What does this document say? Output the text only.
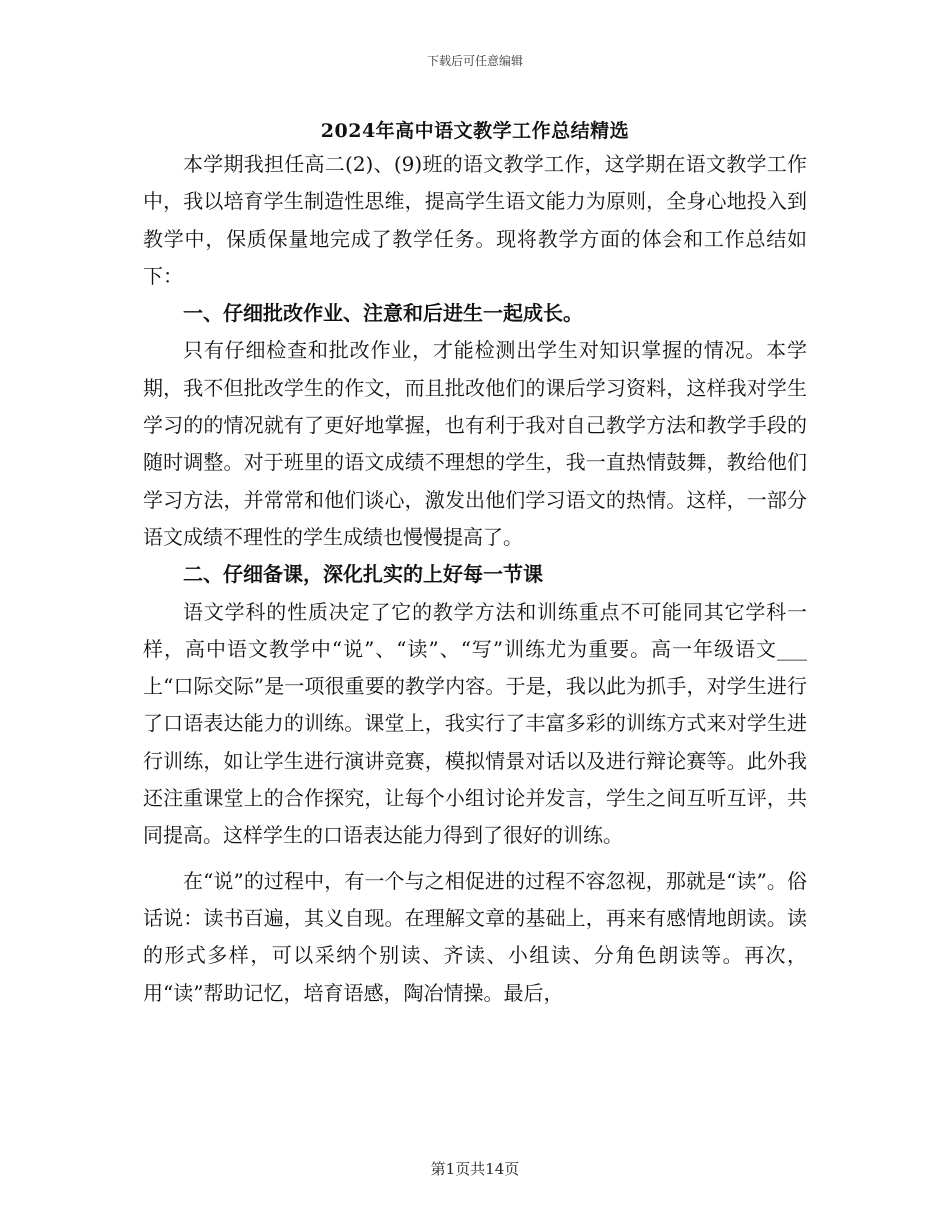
下载后可任意编辑
2024年高中语文教学工作总结精选

本学期我担任高二(2)、(9)班的语文教学工作，这学期在语文教学工作中，我以培育学生制造性思维，提高学生语文能力为原则，全身心地投入到教学中，保质保量地完成了教学任务。现将教学方面的体会和工作总结如下：

一、仔细批改作业、注意和后进生一起成长。

只有仔细检查和批改作业，才能检测出学生对知识掌握的情况。本学期，我不但批改学生的作文，而且批改他们的课后学习资料，这样我对学生学习的的情况就有了更好地掌握，也有利于我对自己教学方法和教学手段的随时调整。对于班里的语文成绩不理想的学生，我一直热情鼓舞，教给他们学习方法，并常常和他们谈心，激发出他们学习语文的热情。这样，一部分语文成绩不理性的学生成绩也慢慢提高了。

二、仔细备课，深化扎实的上好每一节课

语文学科的性质决定了它的教学方法和训练重点不可能同其它学科一样，高中语文教学中“说”、“读”、“写”训练尤为重要。高一年级语文___上“口际交际”是一项很重要的教学内容。于是，我以此为抓手，对学生进行了口语表达能力的训练。课堂上，我实行了丰富多彩的训练方式来对学生进行训练，如让学生进行演讲竞赛，模拟情景对话以及进行辩论赛等。此外我还注重课堂上的合作探究，让每个小组讨论并发言，学生之间互听互评，共同提高。这样学生的口语表达能力得到了很好的训练。

在“说”的过程中，有一个与之相促进的过程不容忽视，那就是“读”。俗话说：读书百遍，其义自现。在理解文章的基础上，再来有感情地朗读。读的形式多样，可以采纳个别读、齐读、小组读、分角色朗读等。再次，用“读”帮助记忆，培育语感，陶冶情操。最后，

第1页共14页
